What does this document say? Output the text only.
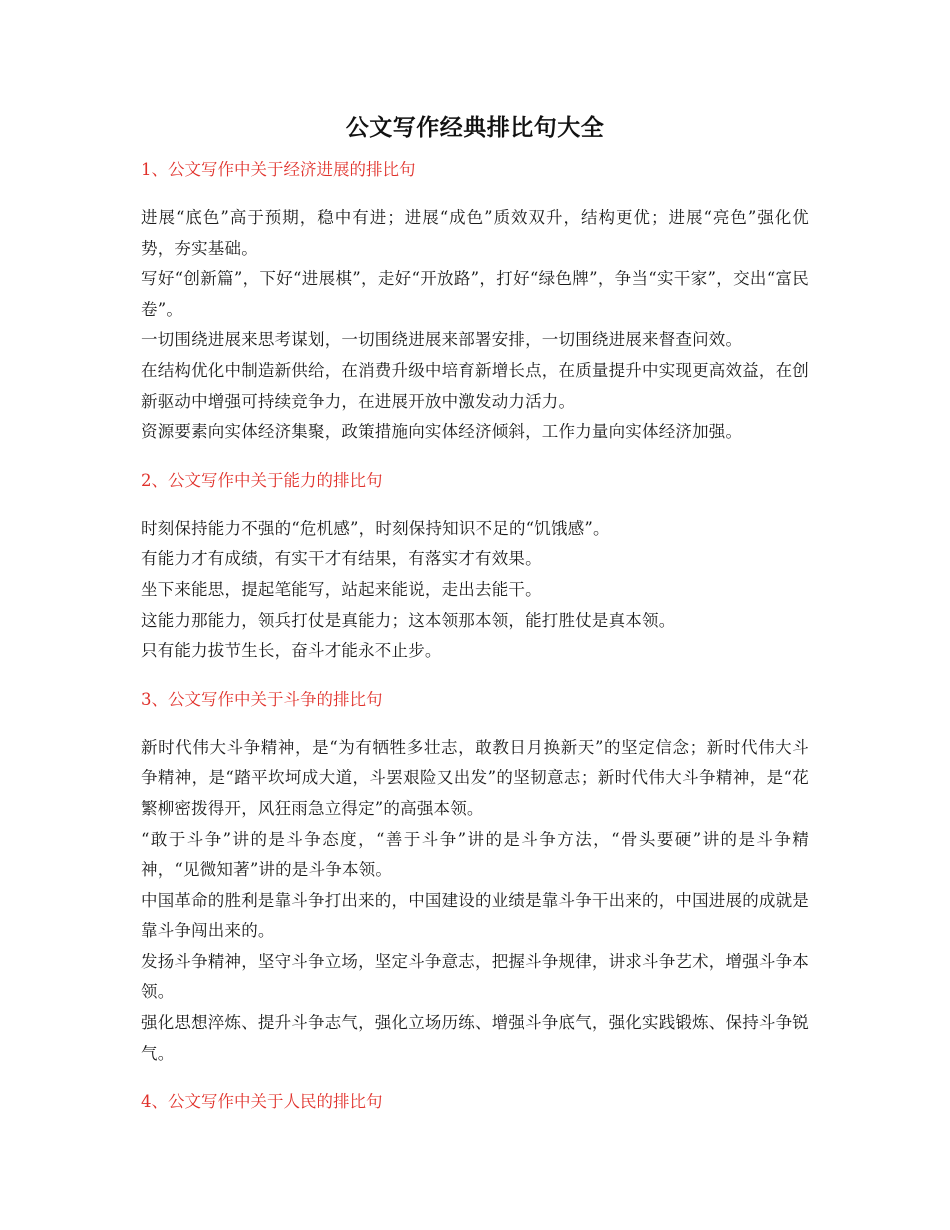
公文写作经典排比句大全
1、公文写作中关于经济进展的排比句

进展“底色”高于预期，稳中有进；进展“成色”质效双升，结构更优；进展“亮色”强化优势，夯实基础。

写好“创新篇”，下好“进展棋”，走好“开放路”，打好“绿色牌”，争当“实干家”，交出“富民卷”。

一切围绕进展来思考谋划，一切围绕进展来部署安排，一切围绕进展来督查问效。

在结构优化中制造新供给，在消费升级中培育新增长点，在质量提升中实现更高效益，在创新驱动中增强可持续竞争力，在进展开放中激发动力活力。

资源要素向实体经济集聚，政策措施向实体经济倾斜，工作力量向实体经济加强。

2、公文写作中关于能力的排比句

时刻保持能力不强的“危机感”，时刻保持知识不足的“饥饿感”。

有能力才有成绩，有实干才有结果，有落实才有效果。

坐下来能思，提起笔能写，站起来能说，走出去能干。

这能力那能力，领兵打仗是真能力；这本领那本领，能打胜仗是真本领。

只有能力拔节生长，奋斗才能永不止步。

3、公文写作中关于斗争的排比句

新时代伟大斗争精神，是“为有牺牲多壮志，敢教日月换新天”的坚定信念；新时代伟大斗争精神，是“踏平坎坷成大道，斗罢艰险又出发”的坚韧意志；新时代伟大斗争精神，是“花繁柳密拨得开，风狂雨急立得定”的高强本领。

“敢于斗争”讲的是斗争态度，“善于斗争”讲的是斗争方法，“骨头要硬”讲的是斗争精神，“见微知著”讲的是斗争本领。

中国革命的胜利是靠斗争打出来的，中国建设的业绩是靠斗争干出来的，中国进展的成就是靠斗争闯出来的。

发扬斗争精神，坚守斗争立场，坚定斗争意志，把握斗争规律，讲求斗争艺术，增强斗争本领。

强化思想淬炼、提升斗争志气，强化立场历练、增强斗争底气，强化实践锻炼、保持斗争锐气。

4、公文写作中关于人民的排比句
